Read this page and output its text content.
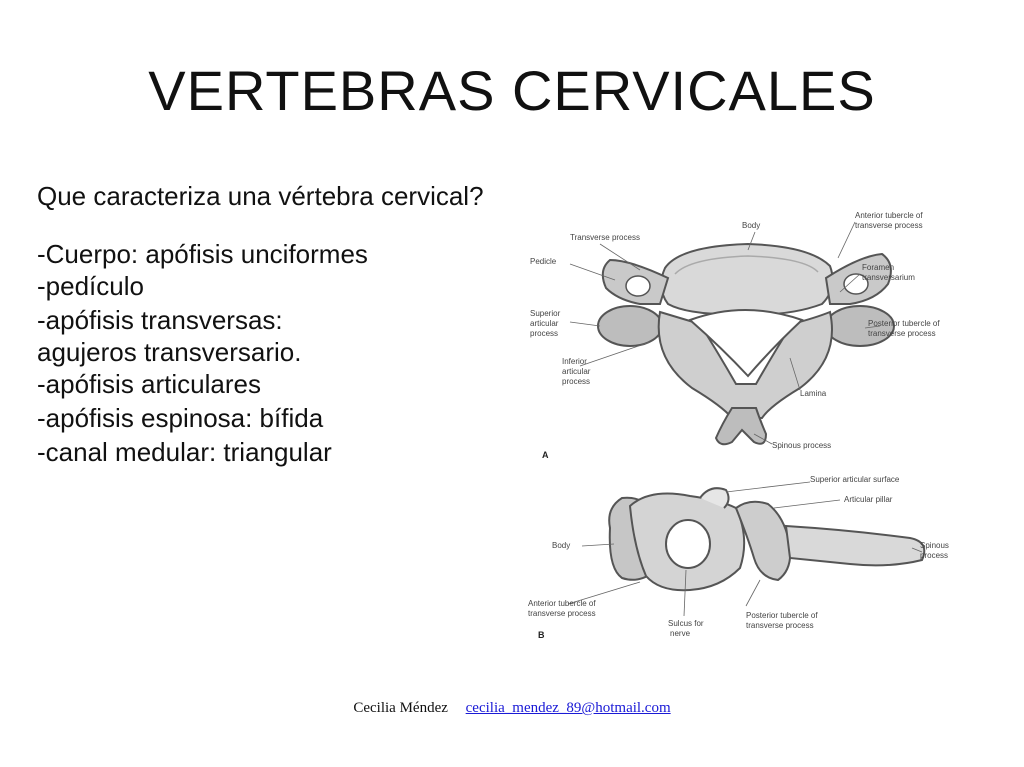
VERTEBRAS CERVICALES

Que caracteriza una vértebra cervical?

-Cuerpo: apófisis unciformes

-pedículo

-apófisis transversas:

agujeros transversario.

-apófisis articulares

-apófisis espinosa: bífida

-canal medular: triangular

Body
Transverse process
Anterior tubercle of
transverse process
Pedicle
Foramen
transversarium
Superior
articular
process
Posterior tubercle of
transverse process
Inferior
articular
process
Lamina
Spinous process
A
Superior articular surface
Articular pillar
Body	Spinous
process
Anterior tubercle of
transverse process
Sulcus for
nerve
Posterior tubercle of
transverse process
B
Cecilia Méndez cecilia_mendez_89@hotmail.com
